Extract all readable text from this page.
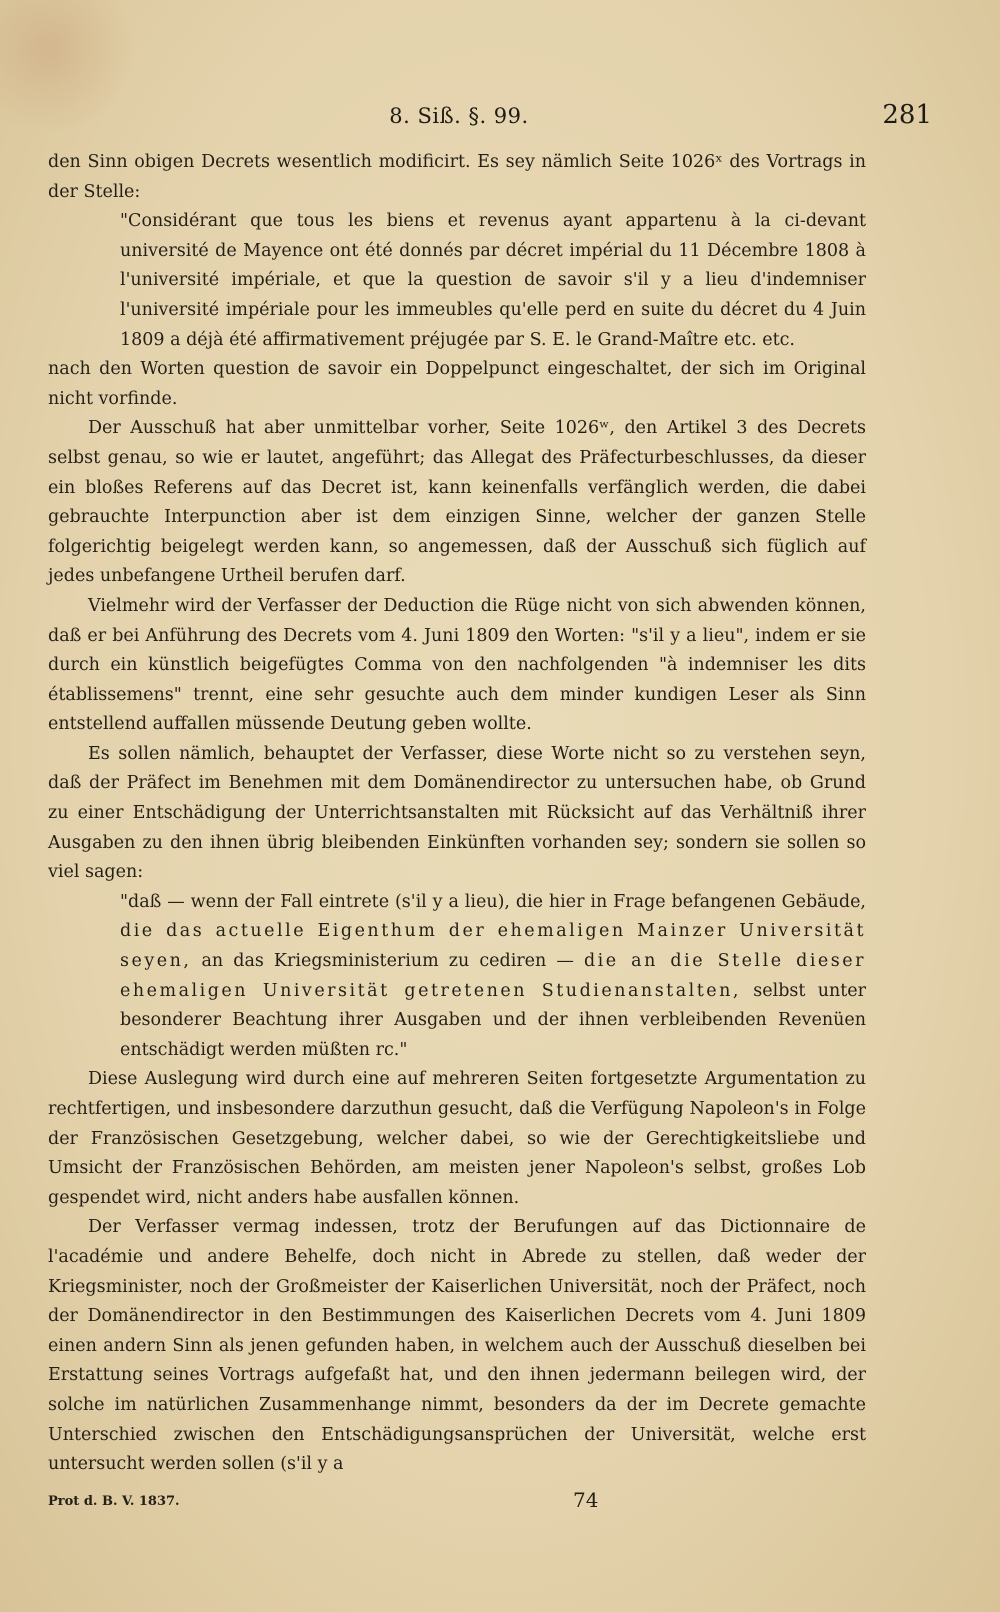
8. Siß. §. 99.	281

den Sinn obigen Decrets wesentlich modificirt. Es sey nämlich Seite 1026ˣ des Vortrags in der Stelle:

"Considérant que tous les biens et revenus ayant appartenu à la ci-devant université de Mayence ont été donnés par décret impérial du 11 Décembre 1808 à l'université impériale, et que la question de savoir s'il y a lieu d'indemniser l'université impériale pour les immeubles qu'elle perd en suite du décret du 4 Juin 1809 a déjà été affirmativement préjugée par S. E. le Grand-Maître etc. etc.

nach den Worten question de savoir ein Doppelpunct eingeschaltet, der sich im Original nicht vorfinde.

Der Ausschuß hat aber unmittelbar vorher, Seite 1026ʷ, den Artikel 3 des Decrets selbst genau, so wie er lautet, angeführt; das Allegat des Präfecturbeschlusses, da dieser ein bloßes Referens auf das Decret ist, kann keinenfalls verfänglich werden, die dabei gebrauchte Interpunction aber ist dem einzigen Sinne, welcher der ganzen Stelle folgerichtig beigelegt werden kann, so angemessen, daß der Ausschuß sich füglich auf jedes unbefangene Urtheil berufen darf.

Vielmehr wird der Verfasser der Deduction die Rüge nicht von sich abwenden können, daß er bei Anführung des Decrets vom 4. Juni 1809 den Worten: "s'il y a lieu", indem er sie durch ein künstlich beigefügtes Comma von den nachfolgenden "à indemniser les dits établissemens" trennt, eine sehr gesuchte auch dem minder kundigen Leser als Sinn entstellend auffallen müssende Deutung geben wollte.

Es sollen nämlich, behauptet der Verfasser, diese Worte nicht so zu verstehen seyn, daß der Präfect im Benehmen mit dem Domänendirector zu untersuchen habe, ob Grund zu einer Entschädigung der Unterrichtsanstalten mit Rücksicht auf das Verhältniß ihrer Ausgaben zu den ihnen übrig bleibenden Einkünften vorhanden sey; sondern sie sollen so viel sagen:

"daß — wenn der Fall eintrete (s'il y a lieu), die hier in Frage befangenen Gebäude, die das actuelle Eigenthum der ehemaligen Mainzer Universität seyen, an das Kriegsministerium zu cediren — die an die Stelle dieser ehemaligen Universität getretenen Studienanstalten, selbst unter besonderer Beachtung ihrer Ausgaben und der ihnen verbleibenden Revenüen entschädigt werden müßten rc."

Diese Auslegung wird durch eine auf mehreren Seiten fortgesetzte Argumentation zu rechtfertigen, und insbesondere darzuthun gesucht, daß die Verfügung Napoleon's in Folge der Französischen Gesetzgebung, welcher dabei, so wie der Gerechtigkeitsliebe und Umsicht der Französischen Behörden, am meisten jener Napoleon's selbst, großes Lob gespendet wird, nicht anders habe ausfallen können.

Der Verfasser vermag indessen, trotz der Berufungen auf das Dictionnaire de l'académie und andere Behelfe, doch nicht in Abrede zu stellen, daß weder der Kriegsminister, noch der Großmeister der Kaiserlichen Universität, noch der Präfect, noch der Domänendirector in den Bestimmungen des Kaiserlichen Decrets vom 4. Juni 1809 einen andern Sinn als jenen gefunden haben, in welchem auch der Ausschuß dieselben bei Erstattung seines Vortrags aufgefaßt hat, und den ihnen jedermann beilegen wird, der solche im natürlichen Zusammenhange nimmt, besonders da der im Decrete gemachte Unterschied zwischen den Entschädigungsansprüchen der Universität, welche erst untersucht werden sollen (s'il y a

Prot d. B. V. 1837.	74
